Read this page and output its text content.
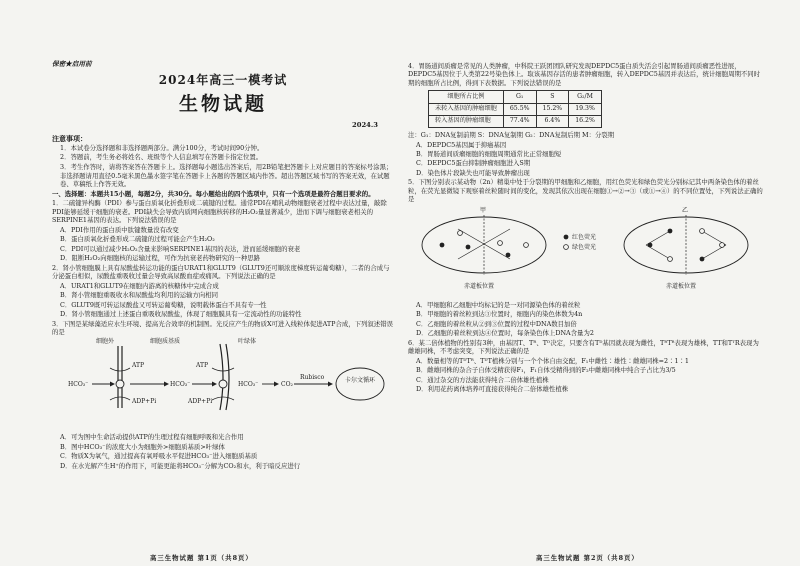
保密★启用前
2024年高三一模考试
生物试题
2024.3
注意事项：

1．本试卷分选择题和非选择题两部分。满分100分，考试时间90分钟。

2．答题前，考生务必将姓名、班级等个人信息填写在答题卡指定位置。

3．考生作答时，请将答案答在答题卡上。选择题每小题选出答案后，用2B铅笔把答题卡上对应题目的答案标号涂黑；非选择题请用直径0.5毫米黑色墨水签字笔在答题卡上各题的答题区域内作答。超出答题区域书写的答案无效，在试题卷、草稿纸上作答无效。

一、选择题：本题共15小题，每题2分，共30分。每小题给出的四个选项中，只有一个选项是最符合题目要求的。

1．二硫键异构酶（PDI）参与蛋白质氧化折叠形成二硫键的过程。通常PDI在哺乳动物细胞衰老过程中表达过量，敲除PDI能够延缓干细胞的衰老。PDI缺失会导致内质网向细胞核转移的H₂O₂量显著减少，进而下调与细胞衰老相关的SERPINE1基因的表达。下列说法错误的是

A．PDI作用的蛋白质中肽键数量没有改变

B．蛋白质氧化折叠形成二硫键的过程可能会产生H₂O₂

C．PDI可以通过减少H₂O₂含量来影响SERPINE1基因的表达，进而延缓细胞的衰老

D．阻断H₂O₂向细胞核的运输过程，可作为抗衰老药物研究的一种思路

2．肾小管细胞膜上具有尿酸盐转运功能的蛋白URAT1和GLUT9（GLUT9还可顺浓度梯度转运葡萄糖），二者的合成与分泌蛋白相似，尿酸盐重吸收过量会导致高尿酸血症或痛风。下列说法正确的是

A．URAT1和GLUT9在细胞内游离的核糖体中完成合成

B．肾小管细胞重吸收水和尿酸盐均利用的运输方向相同

C．GLUT9既可转运尿酸盐又可转运葡萄糖，说明载体蛋白不具有专一性

D．肾小管细胞通过上述蛋白重吸收尿酸盐，体现了细胞膜具有一定流动性的功能特性

3．下图是某绿藻适应水生环境、提高光合效率的机制图。光反应产生的物质X可进入线粒体促进ATP合成，下列叙述错误的是

细胞外	细胞质基质	叶绿体
HCO₃⁻	HCO₃⁻	HCO₃⁻	CO₂
Rubisco	卡尔文循环
ATP
ADP+Pi
ATP
ADP+Pi

A．可为图中生命活动提供ATP的生理过程有细胞呼吸和光合作用

B．图中HCO₃⁻的浓度大小为细胞外>细胞质基质>叶绿体

C．物质X为氧气，通过提高有氧呼吸水平促进HCO₃⁻进入细胞质基质

D．在水光解产生H⁺的作用下，可能更能将HCO₃⁻分解为CO₂和水，利于暗反应进行

高三生物试题 第1页（共8页）

4．胃肠道间质瘤是常见的人类肿瘤，中科院王跃团团队研究发现DEPDC5蛋白质失活会引起胃肠道间质瘤恶性进展，DEPDC5基因位于人类第22号染色体上。取该基因存活的患者肿瘤细胞，转入DEPDC5基因并表达后，统计细胞周期不同时期的细胞所占比例，得到下表数据。下列说法错误的是

细胞所占比例	G₁	S	G₂/M
未转入基因的肿瘤细胞	65.5%	15.2%	19.3%
转入基因的肿瘤细胞	77.4%	6.4%	16.2%

注：G₁：DNA复制前期 S：DNA复制期 G₂：DNA复制后期 M：分裂期

A．DEPDC5基因属于抑癌基因

B．胃肠道间质瘤细胞的细胞周期通常比正常细胞短

C．DEPDC5蛋白抑制肿瘤细胞进入S期

D．染色体片段缺失也可能导致肿瘤出现

5．下图分别表示某动物（2n）精巢中处于分裂期的甲细胞和乙细胞，用红色荧光和绿色荧光分别标记其中两条染色体的着丝粒，在荧光显微镜下观察着丝粒随时间的变化，发现其依次出现在细胞①→②→③（或①→④）的不同位置处，下列说法正确的是

甲	乙
红色荧光
绿色荧光
赤道板位置	赤道板位置

A．甲细胞和乙细胞中均标记的是一对同源染色体的着丝粒

B．甲细胞的着丝粒到达③位置时，细胞内的染色体数为4n

C．乙细胞的着丝粒从②到③位置的过程中DNA数目加倍

D．乙细胞的着丝粒到达④位置时，每条染色体上DNA含量为2

6．某二倍体植物的性别有3种，由基因T、Tᴿ、Tᴰ决定，只要含有Tᴰ基因就表现为雌性，TᴿTᴿ表现为雄株，TT和TᵀR表现为雌雄同株，不考虑突变，下列说法正确的是

A．数量相等的TᴰTᴿ、TᴰT植株分别与一个个体自由交配，F₁中雌性∶雄性∶雌雄同株=2∶1∶1

B．雌雄同株的杂合子自体受精获得F₁，F₁自体受精得到的F₂中雌雄同株中纯合子占比为3/5

C．通过杂交的方法能获得纯合二倍体雄性植株

D．利用花药离体培养可直接获得纯合二倍体雄性植株

高三生物试题 第2页（共8页）
